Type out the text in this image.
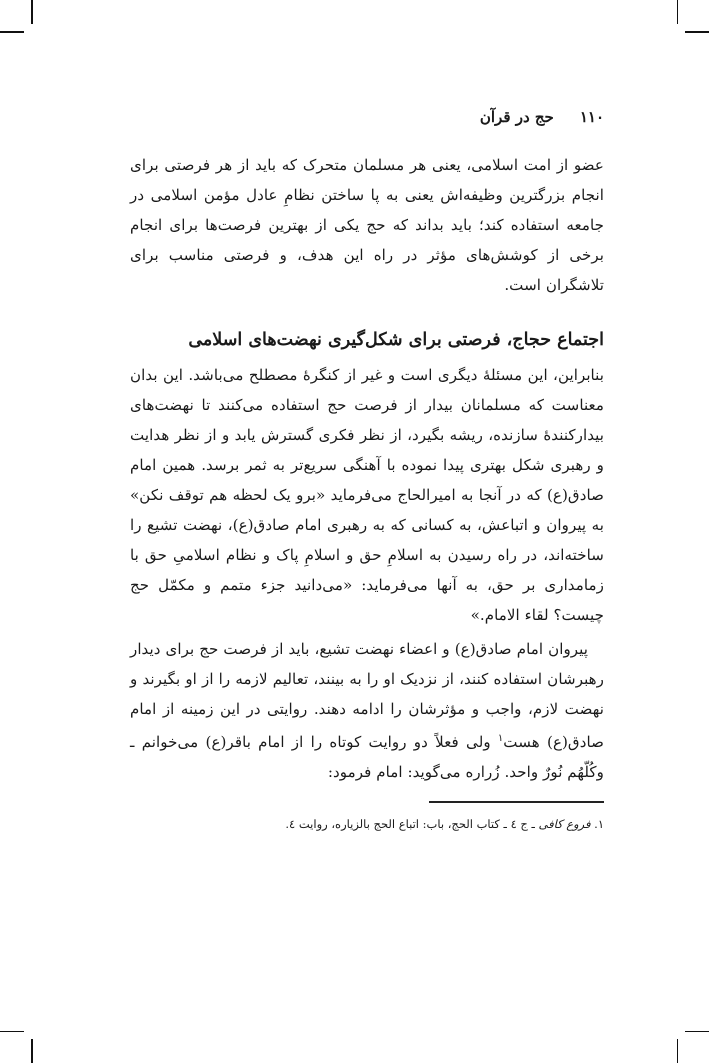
۱۱۰
حج در قرآن

عضو از امت اسلامی، یعنی هر مسلمان متحرک که باید از هر فرصتی برای انجام بزرگترین وظیفه‌اش یعنی به پا ساختن نظامِ عادل مؤمن اسلامی در جامعه استفاده کند؛ باید بداند که حج یکی از بهترین فرصت‌ها برای انجام برخی از کوشش‌های مؤثر در راه این هدف، و فرصتی مناسب برای تلاشگران است.

اجتماع حجاج، فرصتی برای شکل‌گیری نهضت‌های اسلامی

بنابراین، این مسئلهٔ دیگری است و غیر از کنگرهٔ مصطلح می‌باشد. این بدان معناست که مسلمانان بیدار از فرصت حج استفاده می‌کنند تا نهضت‌های بیدارکنندهٔ سازنده، ریشه بگیرد، از نظر فکری گسترش یابد و از نظر هدایت و رهبری شکل بهتری پیدا نموده با آهنگی سریع‌تر به ثمر برسد. همین امام صادق(ع) که در آنجا به امیرالحاج می‌فرماید «برو یک لحظه هم توقف نکن» به پیروان و اتباعش، به کسانی که به رهبری امام صادق(ع)، نهضت تشیع را ساخته‌اند، در راه رسیدن به اسلامِ حق و اسلامِ پاک و نظام اسلامیِ حق با زمامداری بر حق، به آنها می‌فرماید: «می‌دانید جزء متمم و مکمّل حج چیست؟ لقاء الامام.»

پیروان امام صادق(ع) و اعضاء نهضت تشیع، باید از فرصت حج برای دیدار رهبرشان استفاده کنند، از نزدیک او را به بینند، تعالیم لازمه را از او بگیرند و نهضت لازم، واجب و مؤثرشان را ادامه دهند. روایتی در این زمینه از امام صادق(ع) هست$^۱$ ولی فعلاً دو روایت کوتاه را از امام باقر(ع) می‌خوانم ـ وکُلّهُم نُورٌ واحد. زُراره می‌گوید: امام فرمود:

۱. فروع کافی ـ ج ٤ ـ کتاب الحج، باب: اتباع الحج بالزیاره، روایت ٤.
